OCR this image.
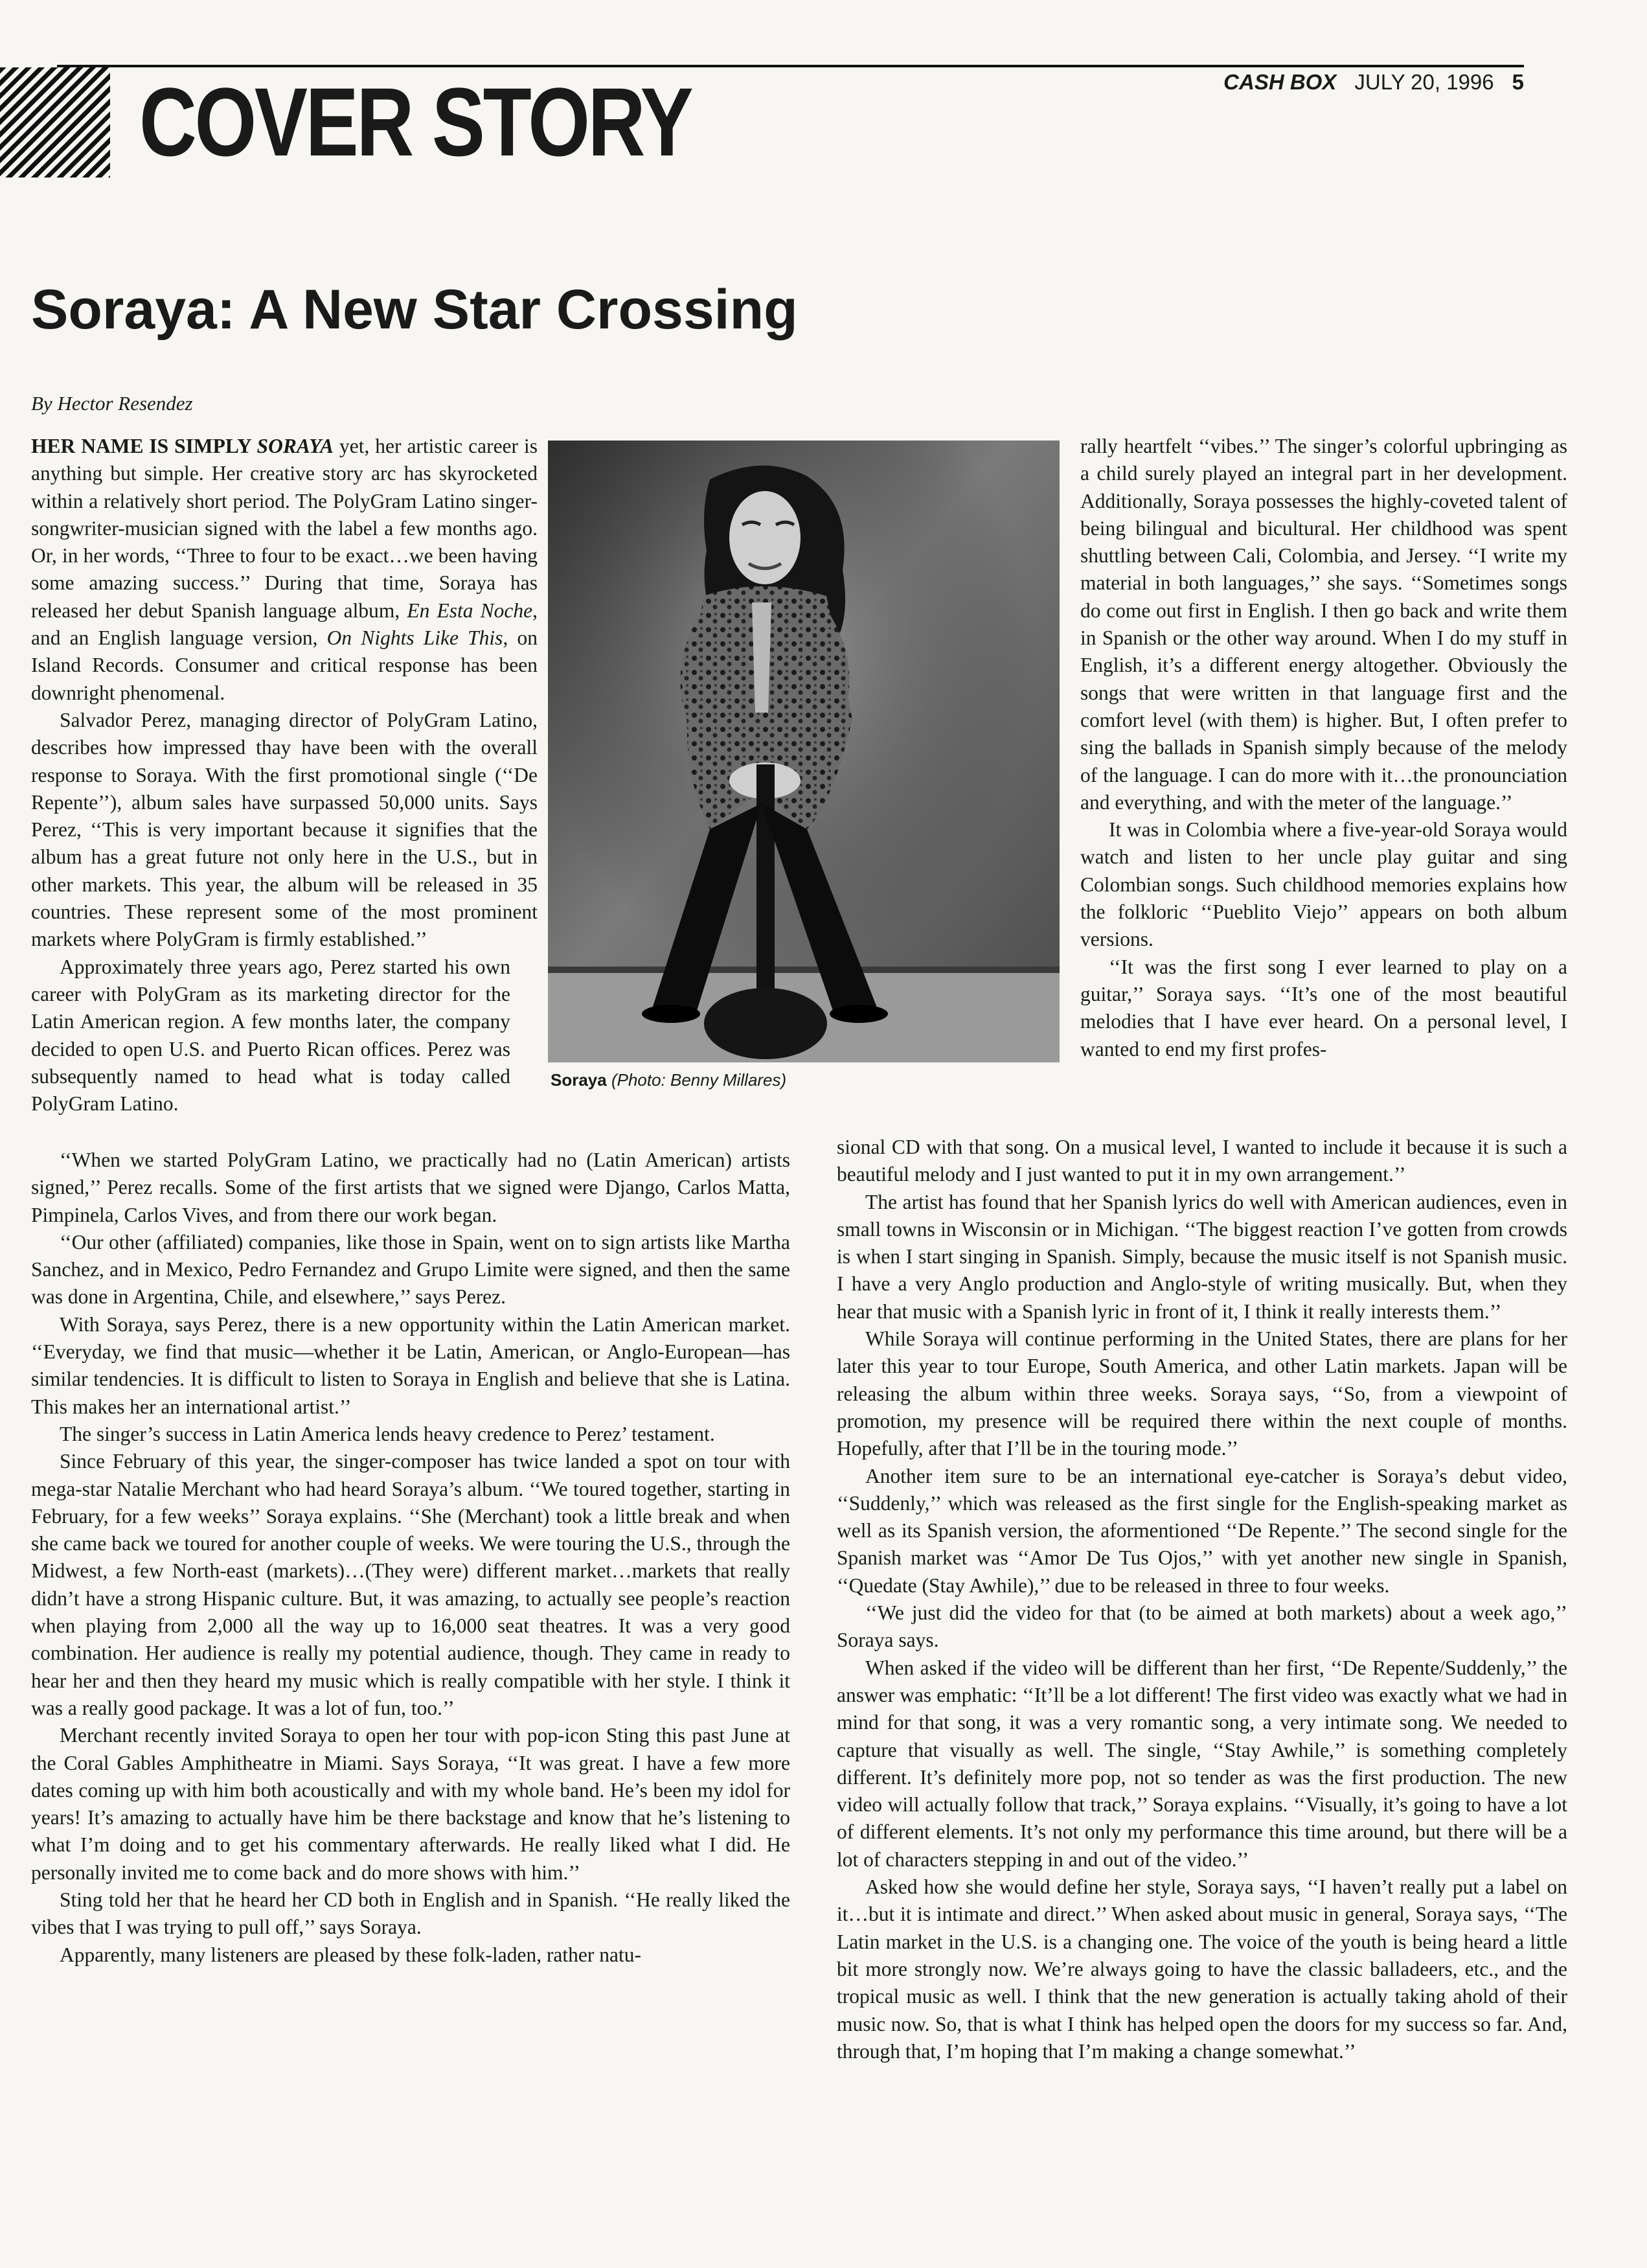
COVER STORY	CASH BOX JULY 20, 1996 5
Soraya: A New Star Crossing
By Hector Resendez

HER NAME IS SIMPLY SORAYA yet, her artistic career is anything but simple. Her creative story arc has skyrocketed within a relatively short period. The PolyGram Latino singer-songwriter-musician signed with the label a few months ago. Or, in her words, ‘‘Three to four to be exact…we been having some amazing success.’’ During that time, Soraya has released her debut Spanish language album, En Esta Noche, and an English language version, On Nights Like This, on Island Records. Consumer and critical response has been downright phenomenal.

Salvador Perez, managing director of PolyGram Latino, describes how impressed thay have been with the overall response to Soraya. With the first promotional single (‘‘De Repente’’), album sales have surpassed 50,000 units. Says Perez, ‘‘This is very important because it signifies that the album has a great future not only here in the U.S., but in other markets. This year, the album will be released in 35 countries. These represent some of the most prominent markets where PolyGram is firmly established.’’

Approximately three years ago, Perez started his own career with PolyGram as its marketing director for the Latin American region. A few months later, the company decided to open U.S. and Puerto Rican offices. Perez was subsequently named to head what is today called PolyGram Latino.

Soraya (Photo: Benny Millares)

rally heartfelt ‘‘vibes.’’ The singer’s colorful upbringing as a child surely played an integral part in her development. Additionally, Soraya possesses the highly-coveted talent of being bilingual and bicultural. Her childhood was spent shuttling between Cali, Colombia, and Jersey. ‘‘I write my material in both languages,’’ she says. ‘‘Sometimes songs do come out first in English. I then go back and write them in Spanish or the other way around. When I do my stuff in English, it’s a different energy altogether. Obviously the songs that were written in that language first and the comfort level (with them) is higher. But, I often prefer to sing the ballads in Spanish simply because of the melody of the language. I can do more with it…the pronounciation and everything, and with the meter of the language.’’

It was in Colombia where a five-year-old Soraya would watch and listen to her uncle play guitar and sing Colombian songs. Such childhood memories explains how the folkloric ‘‘Pueblito Viejo’’ appears on both album versions.

‘‘It was the first song I ever learned to play on a guitar,’’ Soraya says. ‘‘It’s one of the most beautiful melodies that I have ever heard. On a personal level, I wanted to end my first profes-

‘‘When we started PolyGram Latino, we practically had no (Latin American) artists signed,’’ Perez recalls. Some of the first artists that we signed were Django, Carlos Matta, Pimpinela, Carlos Vives, and from there our work began.

‘‘Our other (affiliated) companies, like those in Spain, went on to sign artists like Martha Sanchez, and in Mexico, Pedro Fernandez and Grupo Limite were signed, and then the same was done in Argentina, Chile, and elsewhere,’’ says Perez.

With Soraya, says Perez, there is a new opportunity within the Latin American market. ‘‘Everyday, we find that music—whether it be Latin, American, or Anglo-European—has similar tendencies. It is difficult to listen to Soraya in English and believe that she is Latina. This makes her an international artist.’’

The singer’s success in Latin America lends heavy credence to Perez’ testament.

Since February of this year, the singer-composer has twice landed a spot on tour with mega-star Natalie Merchant who had heard Soraya’s album. ‘‘We toured together, starting in February, for a few weeks’’ Soraya explains. ‘‘She (Merchant) took a little break and when she came back we toured for another couple of weeks. We were touring the U.S., through the Midwest, a few North-east (markets)…(They were) different market…markets that really didn’t have a strong Hispanic culture. But, it was amazing, to actually see people’s reaction when playing from 2,000 all the way up to 16,000 seat theatres. It was a very good combination. Her audience is really my potential audience, though. They came in ready to hear her and then they heard my music which is really compatible with her style. I think it was a really good package. It was a lot of fun, too.’’

Merchant recently invited Soraya to open her tour with pop-icon Sting this past June at the Coral Gables Amphitheatre in Miami. Says Soraya, ‘‘It was great. I have a few more dates coming up with him both acoustically and with my whole band. He’s been my idol for years! It’s amazing to actually have him be there backstage and know that he’s listening to what I’m doing and to get his commentary afterwards. He really liked what I did. He personally invited me to come back and do more shows with him.’’

Sting told her that he heard her CD both in English and in Spanish. ‘‘He really liked the vibes that I was trying to pull off,’’ says Soraya.

Apparently, many listeners are pleased by these folk-laden, rather natu-

sional CD with that song. On a musical level, I wanted to include it because it is such a beautiful melody and I just wanted to put it in my own arrangement.’’

The artist has found that her Spanish lyrics do well with American audiences, even in small towns in Wisconsin or in Michigan. ‘‘The biggest reaction I’ve gotten from crowds is when I start singing in Spanish. Simply, because the music itself is not Spanish music. I have a very Anglo production and Anglo-style of writing musically. But, when they hear that music with a Spanish lyric in front of it, I think it really interests them.’’

While Soraya will continue performing in the United States, there are plans for her later this year to tour Europe, South America, and other Latin markets. Japan will be releasing the album within three weeks. Soraya says, ‘‘So, from a viewpoint of promotion, my presence will be required there within the next couple of months. Hopefully, after that I’ll be in the touring mode.’’

Another item sure to be an international eye-catcher is Soraya’s debut video, ‘‘Suddenly,’’ which was released as the first single for the English-speaking market as well as its Spanish version, the aformentioned ‘‘De Repente.’’ The second single for the Spanish market was ‘‘Amor De Tus Ojos,’’ with yet another new single in Spanish, ‘‘Quedate (Stay Awhile),’’ due to be released in three to four weeks.

‘‘We just did the video for that (to be aimed at both markets) about a week ago,’’ Soraya says.

When asked if the video will be different than her first, ‘‘De Repente/Suddenly,’’ the answer was emphatic: ‘‘It’ll be a lot different! The first video was exactly what we had in mind for that song, it was a very romantic song, a very intimate song. We needed to capture that visually as well. The single, ‘‘Stay Awhile,’’ is something completely different. It’s definitely more pop, not so tender as was the first production. The new video will actually follow that track,’’ Soraya explains. ‘‘Visually, it’s going to have a lot of different elements. It’s not only my performance this time around, but there will be a lot of characters stepping in and out of the video.’’

Asked how she would define her style, Soraya says, ‘‘I haven’t really put a label on it…but it is intimate and direct.’’ When asked about music in general, Soraya says, ‘‘The Latin market in the U.S. is a changing one. The voice of the youth is being heard a little bit more strongly now. We’re always going to have the classic balladeers, etc., and the tropical music as well. I think that the new generation is actually taking ahold of their music now. So, that is what I think has helped open the doors for my success so far. And, through that, I’m hoping that I’m making a change somewhat.’’
